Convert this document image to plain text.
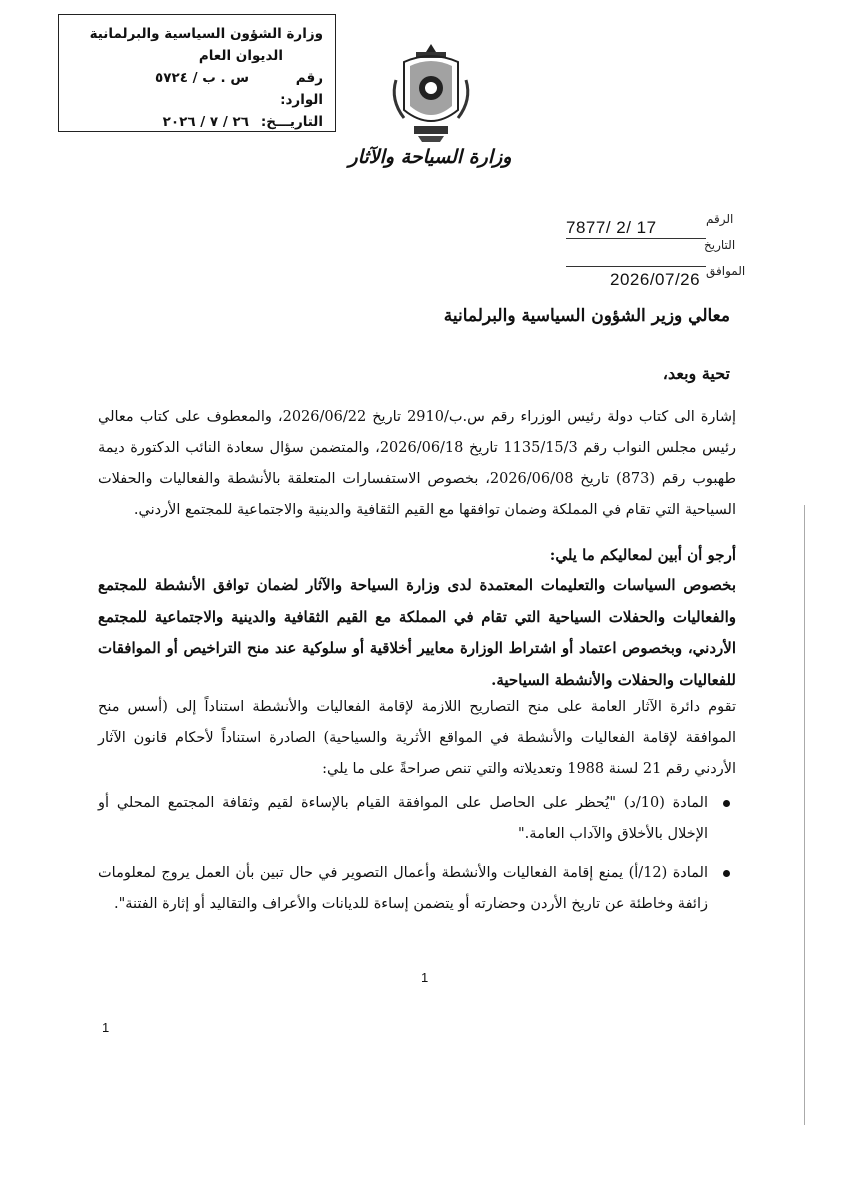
وزارة الشؤون السياسية والبرلمانية
الديوان العام
رقم الوارد:
س . ب / ٥٧٢٤
التاريـــخ:
٢٦ / ٧ / ٢٠٢٦
وزارة السياحة والآثار
7877/ 2/ 17	الرقم
التاريخ
الموافق
2026/07/26
معالي وزير الشؤون السياسية والبرلمانية
تحية وبعد،
إشارة الى كتاب دولة رئيس الوزراء رقم س.ب/2910 تاريخ 2026/06/22، والمعطوف على كتاب معالي رئيس مجلس النواب رقم 1135/15/3 تاريخ 2026/06/18، والمتضمن سؤال سعادة النائب الدكتورة ديمة طهبوب رقم (873) تاريخ 2026/06/08، بخصوص الاستفسارات المتعلقة بالأنشطة والفعاليات والحفلات السياحية التي تقام في المملكة وضمان توافقها مع القيم الثقافية والدينية والاجتماعية للمجتمع الأردني.
أرجو أن أبين لمعاليكم ما يلي:
بخصوص السياسات والتعليمات المعتمدة لدى وزارة السياحة والآثار لضمان توافق الأنشطة للمجتمع والفعاليات والحفلات السياحية التي تقام في المملكة مع القيم الثقافية والدينية والاجتماعية للمجتمع الأردني، وبخصوص اعتماد أو اشتراط الوزارة معايير أخلاقية أو سلوكية عند منح التراخيص أو الموافقات للفعاليات والحفلات والأنشطة السياحية.
تقوم دائرة الآثار العامة على منح التصاريح اللازمة لإقامة الفعاليات والأنشطة استناداً إلى (أسس منح الموافقة لإقامة الفعاليات والأنشطة في المواقع الأثرية والسياحية) الصادرة استناداً لأحكام قانون الآثار الأردني رقم 21 لسنة 1988 وتعديلاته والتي تنص صراحةً على ما يلي:
المادة (10/د) "يُحظر على الحاصل على الموافقة القيام بالإساءة لقيم وثقافة المجتمع المحلي أو الإخلال بالأخلاق والآداب العامة."
المادة (12/أ) يمنع إقامة الفعاليات والأنشطة وأعمال التصوير في حال تبين بأن العمل يروج لمعلومات زائفة وخاطئة عن تاريخ الأردن وحضارته أو يتضمن إساءة للديانات والأعراف والتقاليد أو إثارة الفتنة".
1
1
